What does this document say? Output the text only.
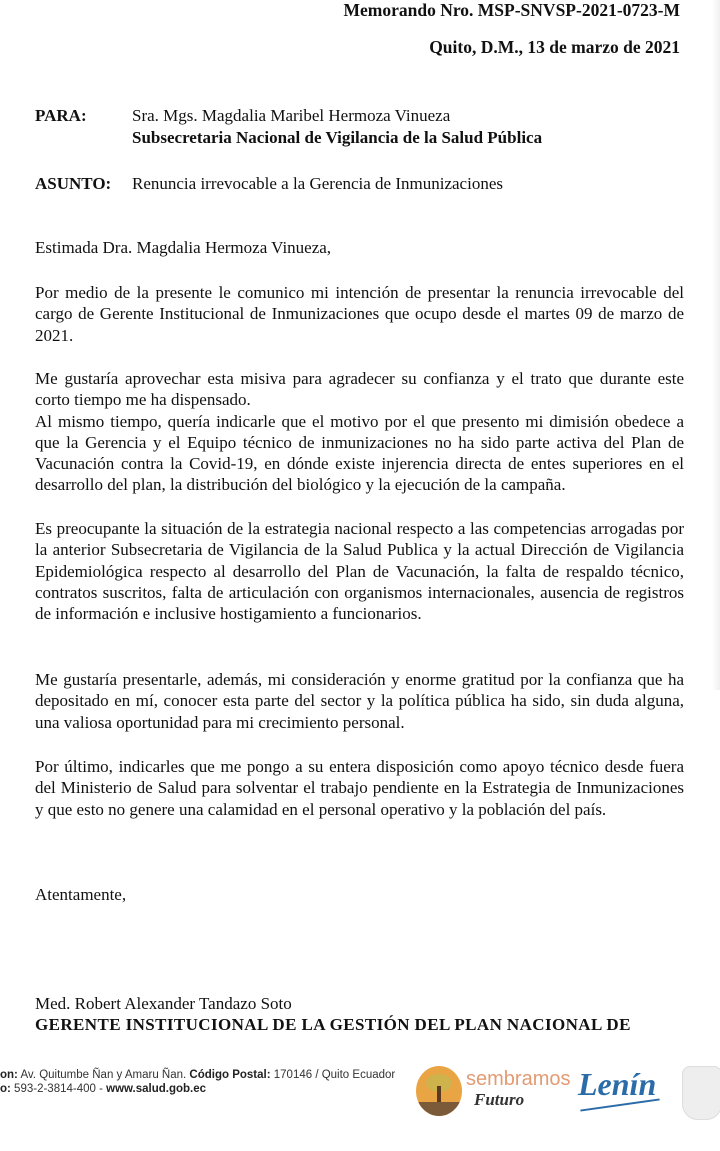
Memorando Nro. MSP-SNVSP-2021-0723-M
Quito, D.M., 13 de marzo de 2021
PARA:	Sra. Mgs. Magdalia Maribel Hermoza Vinueza
Subsecretaria Nacional de Vigilancia de la Salud Pública
ASUNTO:	Renuncia irrevocable a la Gerencia de Inmunizaciones
Estimada Dra. Magdalia Hermoza Vinueza,

Por medio de la presente le comunico mi intención de presentar la renuncia irrevocable del cargo de Gerente Institucional de Inmunizaciones que ocupo desde el martes 09 de marzo de 2021.

Me gustaría aprovechar esta misiva para agradecer su confianza y el trato que durante este corto tiempo me ha dispensado.

Al mismo tiempo, quería indicarle que el motivo por el que presento mi dimisión obedece a que la Gerencia y el Equipo técnico de inmunizaciones no ha sido parte activa del Plan de Vacunación contra la Covid-19, en dónde existe injerencia directa de entes superiores en el desarrollo del plan, la distribución del biológico y la ejecución de la campaña.

Es preocupante la situación de la estrategia nacional respecto a las competencias arrogadas por la anterior Subsecretaria de Vigilancia de la Salud Publica y la actual Dirección de Vigilancia Epidemiológica respecto al desarrollo del Plan de Vacunación, la falta de respaldo técnico, contratos suscritos, falta de articulación con organismos internacionales, ausencia de registros de información e inclusive hostigamiento a funcionarios.

Me gustaría presentarle, además, mi consideración y enorme gratitud por la confianza que ha depositado en mí, conocer esta parte del sector y la política pública ha sido, sin duda alguna, una valiosa oportunidad para mi crecimiento personal.

Por último, indicarles que me pongo a su entera disposición como apoyo técnico desde fuera del Ministerio de Salud para solventar el trabajo pendiente en la Estrategia de Inmunizaciones y que esto no genere una calamidad en el personal operativo y la población del país.

Atentamente,
Med. Robert Alexander Tandazo Soto
GERENTE INSTITUCIONAL DE LA GESTIÓN DEL PLAN NACIONAL DE
on: Av. Quitumbe Ñan y Amaru Ñan. Código Postal: 170146 / Quito Ecuador
o: 593-2-3814-400 - www.salud.gob.ec	sembramos
Futuro Lenín
